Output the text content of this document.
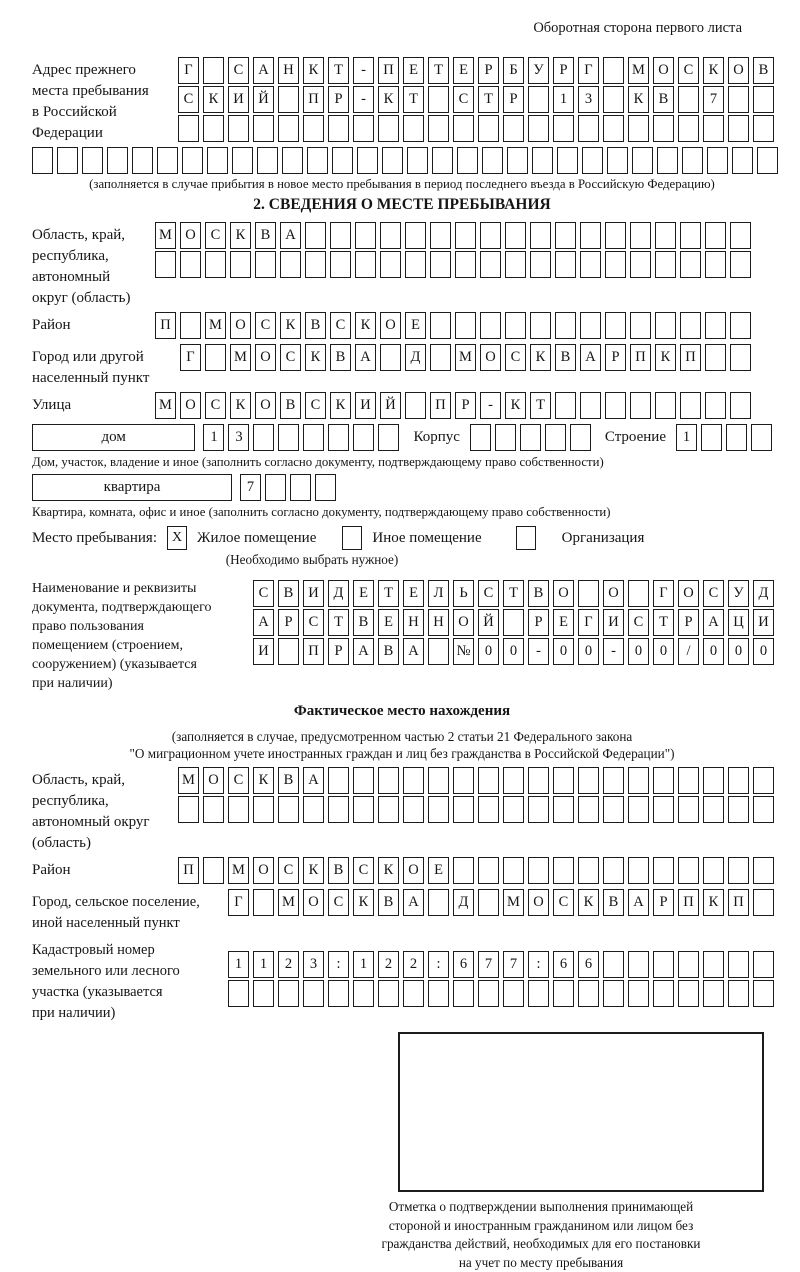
Оборотная сторона первого листа
Адрес прежнего
места пребывания
в Российской
Федерации
Г	С	А	Н	К	Т	-	П	Е	Т	Е	Р	Б	У	Р	Г	М О	С	К	О	В
С	К	И	Й	П	Р	-	К	Т	С	Т	Р	1	3	К	В	7
(заполняется в случае прибытия в новое место пребывания в период последнего въезда в Российскую Федерацию)
2. СВЕДЕНИЯ О МЕСТЕ ПРЕБЫВАНИЯ
Область, край,
республика,
автономный
округ (область)
М О	С	К	В	А
Район	П	М О	С	К	В	С	К	О	Е
Город или другой
населенный пункт
Г	М О	С	К	В	А	Д	М О	С	К	В	А	Р	П	К	П
Улица	М О	С	К	О	В	С	К	И	Й	П	Р	-	К	Т
дом	1	3	Корпус	Строение	1
Дом, участок, владение и иное (заполнить согласно документу, подтверждающему право собственности)
квартира	7
Квартира, комната, офис и иное (заполнить согласно документу, подтверждающему право собственности)
Место пребывания:	X Жилое помещение	Иное помещение	Организация
(Необходимо выбрать нужное)
Наименование и реквизиты
документа, подтверждающего
право пользования
помещением (строением,
сооружением) (указывается
при наличии)
С	В	И	Д	Е	Т	Е	Л	Ь	С	Т	В	О	О	Г	О	С	У	Д
А	Р	С	Т	В	Е	Н	Н	О	Й	Р	Е	Г	И	С	Т	Р	А	Ц	И
И	П	Р	А	В	А	№ 0	0	-	0	0	-	0	0	/	0	0	0
Фактическое место нахождения
(заполняется в случае, предусмотренном частью 2 статьи 21 Федерального закона
"О миграционном учете иностранных граждан и лиц без гражданства в Российской Федерации")
Область, край,
республика,
автономный округ
(область)
М О	С	К	В	А
Район	П	М О	С	К	В	С	К	О	Е
Город, сельское поселение,
иной населенный пункт
Г	М О	С	К	В	А	Д	М О	С	К	В	А	Р	П	К	П
Кадастровый номер
земельного или лесного
участка (указывается
при наличии)
1	1	2	3	:	1	2	2	:	6	7	7	:	6	6
Отметка о подтверждении выполнения принимающей
стороной и иностранным гражданином или лицом без
гражданства действий, необходимых для его постановки
на учет по месту пребывания
